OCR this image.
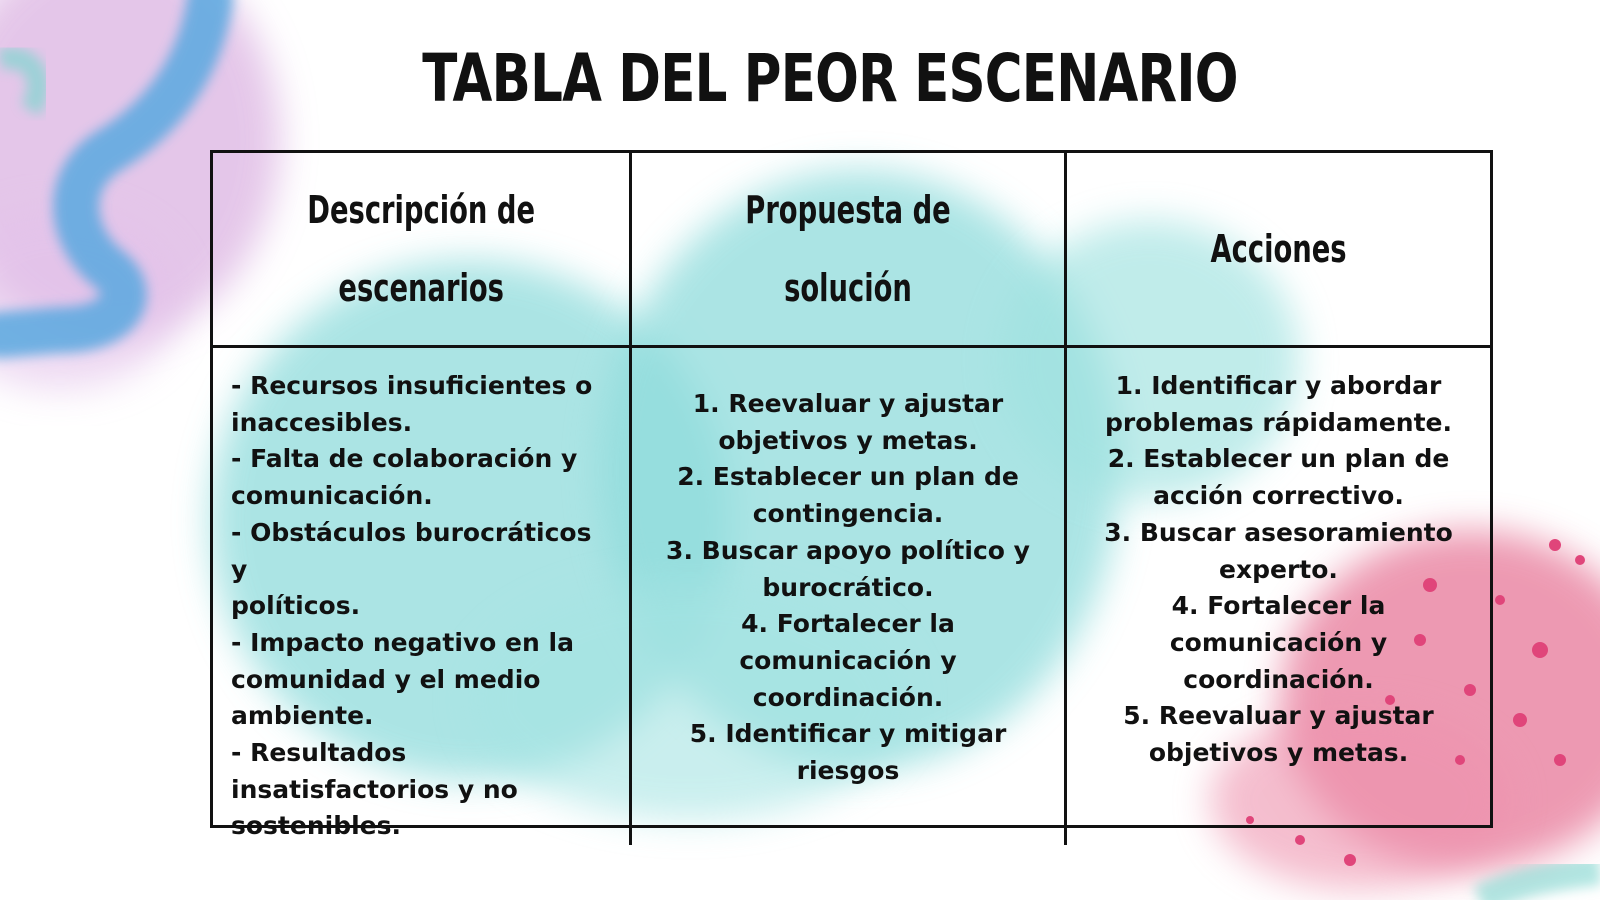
TABLA DEL PEOR ESCENARIO
Descripción de
escenarios
Propuesta de solución
Acciones
- Recursos insuficientes o
inaccesibles.
- Falta de colaboración y
comunicación.
- Obstáculos burocráticos y
políticos.
- Impacto negativo en la
comunidad y el medio
ambiente.
- Resultados
insatisfactorios y no
sostenibles.
1. Reevaluar y ajustar
objetivos y metas.
2. Establecer un plan de
contingencia.
3. Buscar apoyo político y
burocrático.
4. Fortalecer la
comunicación y
coordinación.
5. Identificar y mitigar
riesgos
1. Identificar y abordar
problemas rápidamente.
2. Establecer un plan de
acción correctivo.
3. Buscar asesoramiento
experto.
4. Fortalecer la
comunicación y
coordinación.
5. Reevaluar y ajustar
objetivos y metas.
